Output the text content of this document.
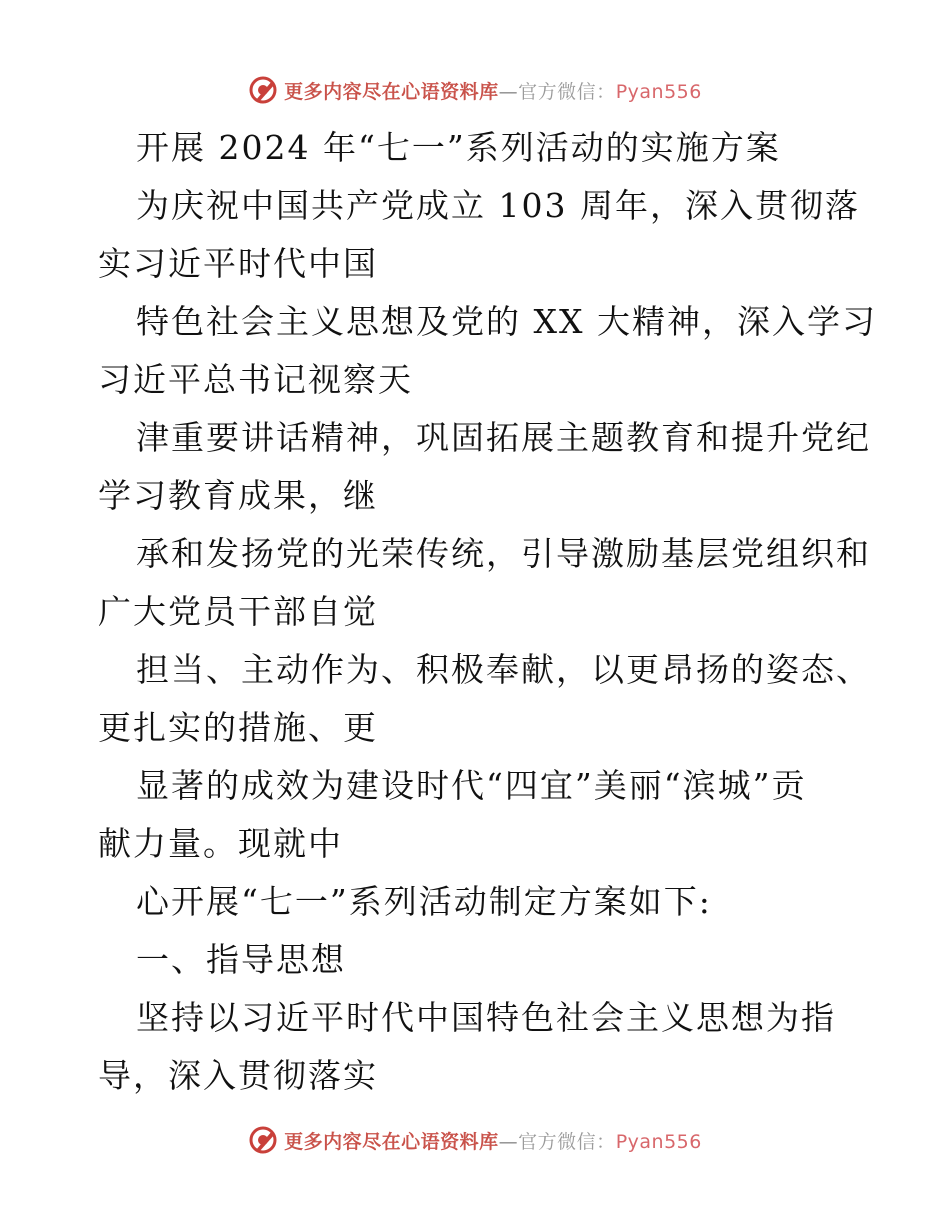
更多内容尽在心语资料库—官方微信：Pyan556
开展 2024 年“七一”系列活动的实施方案
为庆祝中国共产党成立 103 周年，深入贯彻落
实习近平时代中国
特色社会主义思想及党的 XX 大精神，深入学习
习近平总书记视察天
津重要讲话精神，巩固拓展主题教育和提升党纪
学习教育成果，继
承和发扬党的光荣传统，引导激励基层党组织和
广大党员干部自觉
担当、主动作为、积极奉献，以更昂扬的姿态、
更扎实的措施、更
显著的成效为建设时代“四宜”美丽“滨城”贡
献力量。现就中
心开展“七一”系列活动制定方案如下:
一、指导思想
坚持以习近平时代中国特色社会主义思想为指
导，深入贯彻落实
更多内容尽在心语资料库—官方微信：Pyan556
